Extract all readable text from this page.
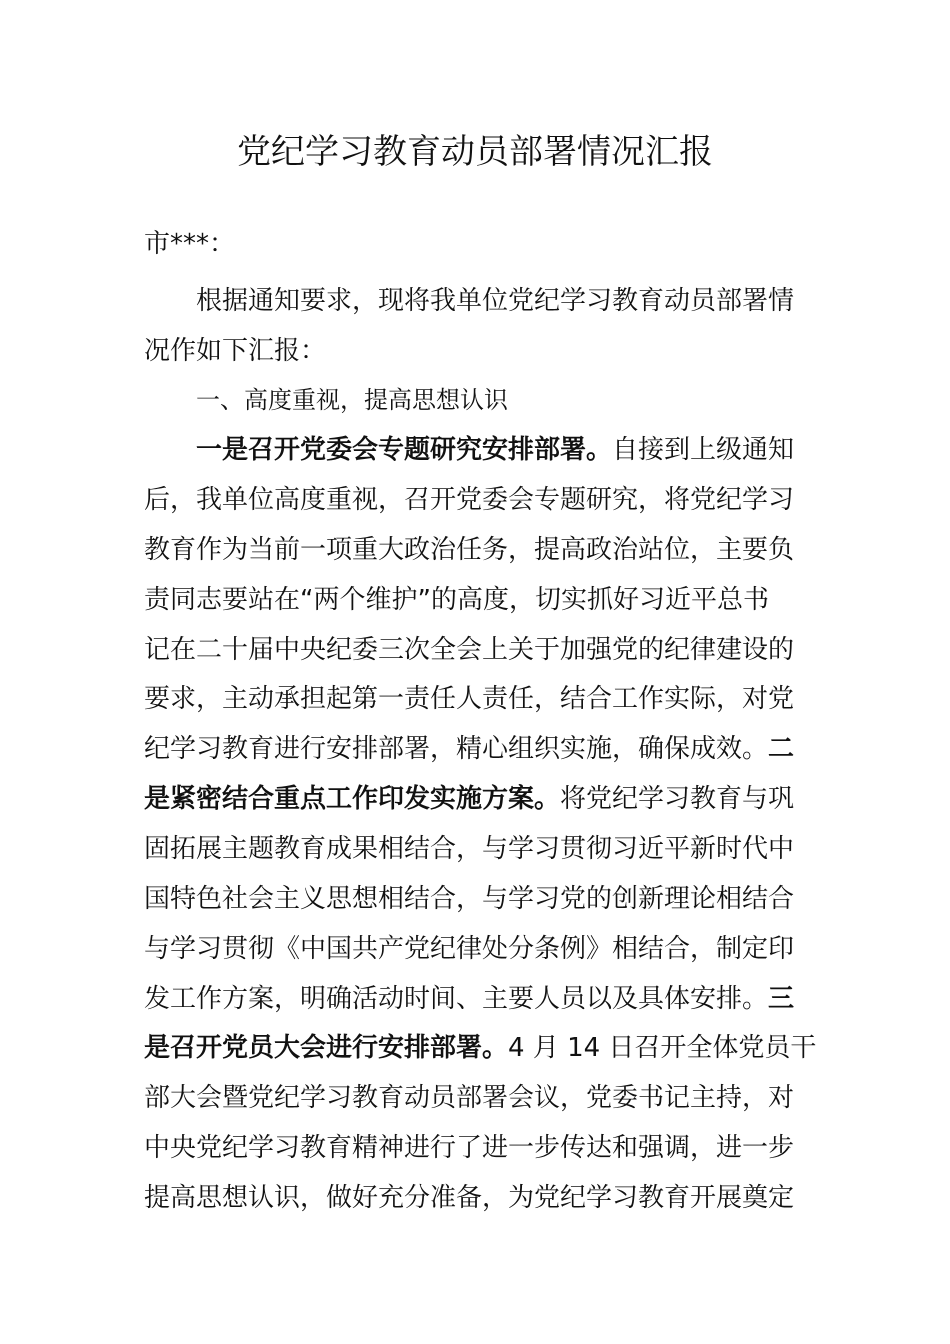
党纪学习教育动员部署情况汇报
市***：
根据通知要求，现将我单位党纪学习教育动员部署情
况作如下汇报：
一、高度重视，提高思想认识
一是召开党委会专题研究安排部署。自接到上级通知
后，我单位高度重视，召开党委会专题研究，将党纪学习
教育作为当前一项重大政治任务，提高政治站位，主要负
责同志要站在“两个维护”的高度，切实抓好习近平总书
记在二十届中央纪委三次全会上关于加强党的纪律建设的
要求，主动承担起第一责任人责任，结合工作实际，对党
纪学习教育进行安排部署，精心组织实施，确保成效。二
是紧密结合重点工作印发实施方案。将党纪学习教育与巩
固拓展主题教育成果相结合，与学习贯彻习近平新时代中
国特色社会主义思想相结合，与学习党的创新理论相结合
与学习贯彻《中国共产党纪律处分条例》相结合，制定印
发工作方案，明确活动时间、主要人员以及具体安排。三
是召开党员大会进行安排部署。4 月 14 日召开全体党员干
部大会暨党纪学习教育动员部署会议，党委书记主持，对
中央党纪学习教育精神进行了进一步传达和强调，进一步
提高思想认识，做好充分准备，为党纪学习教育开展奠定
